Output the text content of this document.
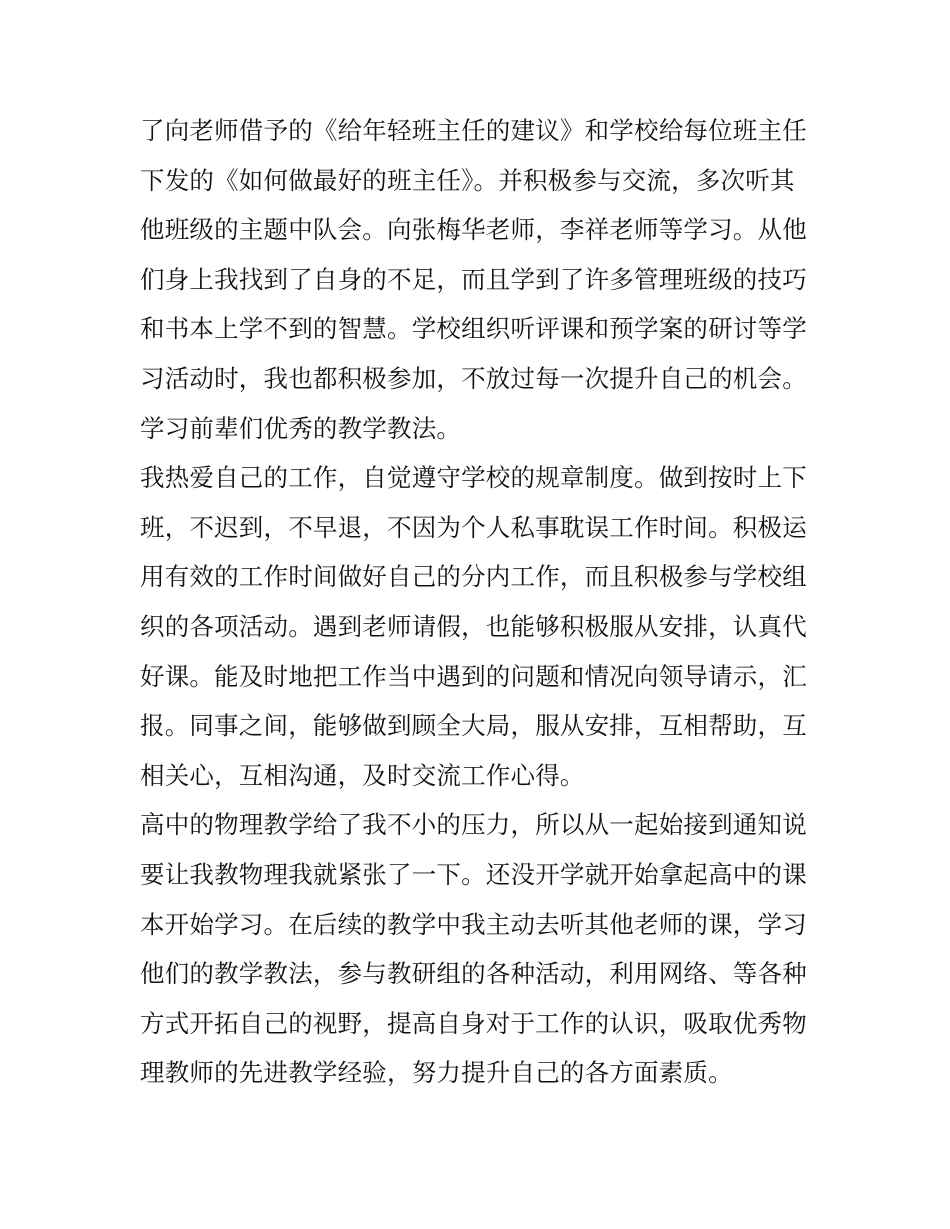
了向老师借予的《给年轻班主任的建议》和学校给每位班主任
下发的《如何做最好的班主任》。并积极参与交流，多次听其
他班级的主题中队会。向张梅华老师，李祥老师等学习。从他
们身上我找到了自身的不足，而且学到了许多管理班级的技巧
和书本上学不到的智慧。学校组织听评课和预学案的研讨等学
习活动时，我也都积极参加，不放过每一次提升自己的机会。
学习前辈们优秀的教学教法。
我热爱自己的工作，自觉遵守学校的规章制度。做到按时上下
班，不迟到，不早退，不因为个人私事耽误工作时间。积极运
用有效的工作时间做好自己的分内工作，而且积极参与学校组
织的各项活动。遇到老师请假，也能够积极服从安排，认真代
好课。能及时地把工作当中遇到的问题和情况向领导请示，汇
报。同事之间，能够做到顾全大局，服从安排，互相帮助，互
相关心，互相沟通，及时交流工作心得。
高中的物理教学给了我不小的压力，所以从一起始接到通知说
要让我教物理我就紧张了一下。还没开学就开始拿起高中的课
本开始学习。在后续的教学中我主动去听其他老师的课，学习
他们的教学教法，参与教研组的各种活动，利用网络、等各种
方式开拓自己的视野，提高自身对于工作的认识，吸取优秀物
理教师的先进教学经验，努力提升自己的各方面素质。
